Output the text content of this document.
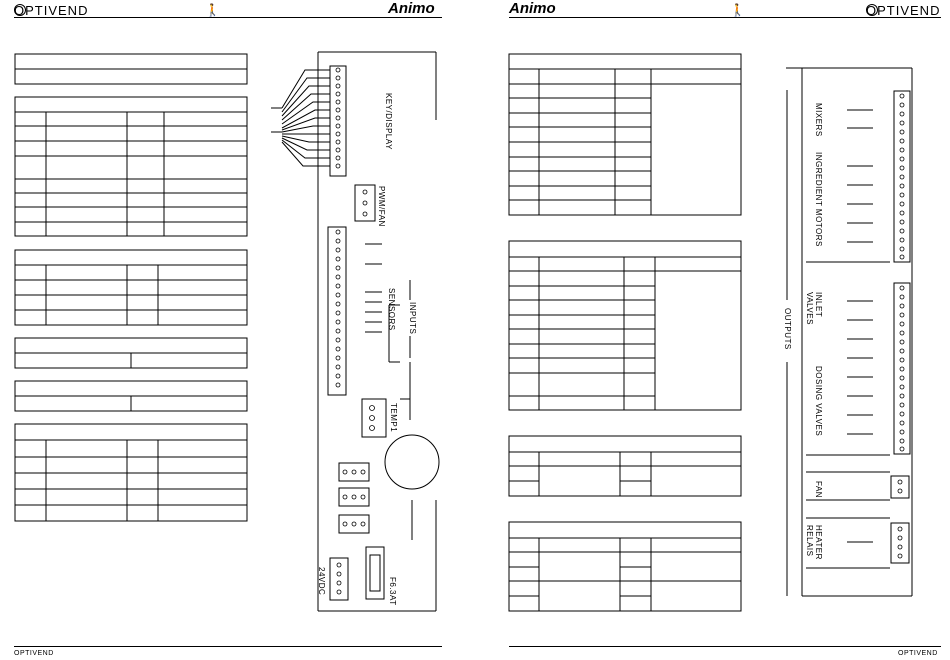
OPTIVEND	🚶	Animo
KEY/DISPLAY
PWM/FAN
SENSORS INPUTS
TEMP1
24VDC	F6.3AT
OPTIVEND
Animo	🚶	OPTIVEND
MIXERS
INGREDIENT MOTORS
INLET VALVES
OUTPUTS
DOSING VALVES
FAN
HEATER RELAIS
OPTIVEND
